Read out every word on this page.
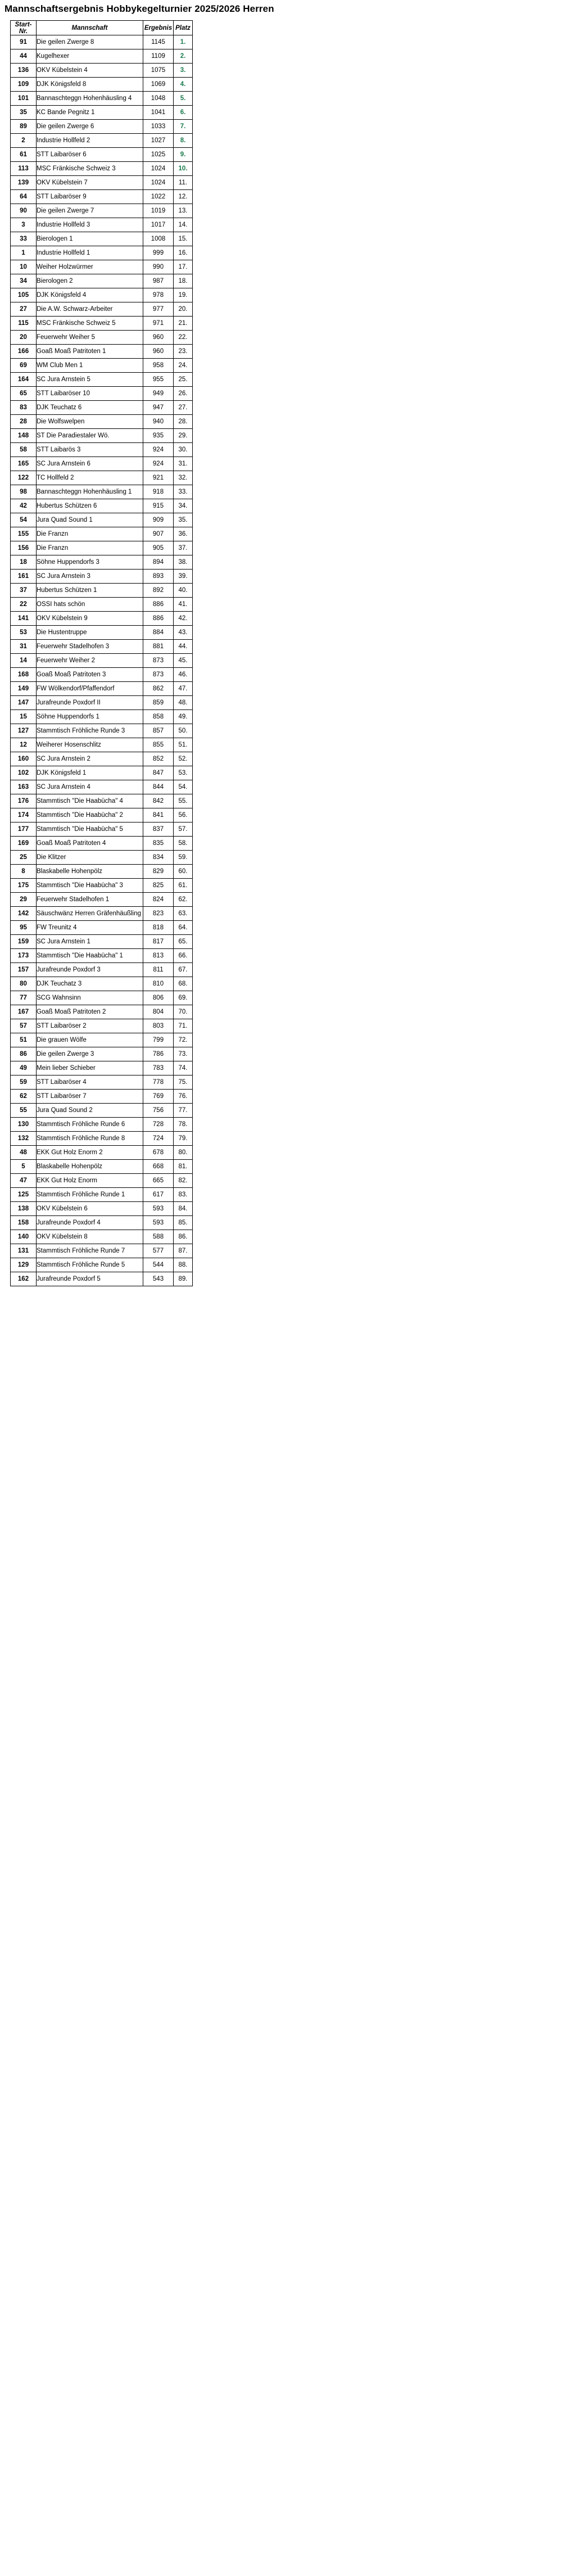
Mannschaftsergebnis Hobbykegelturnier 2025/2026 Herren
Start-Nr.	Mannschaft	Ergebnis	Platz
91	Die geilen Zwerge 8	1145	1.
44	Kugelhexer	1109	2.
136	OKV Kübelstein 4	1075	3.
109	DJK Königsfeld 8	1069	4.
101	Bannaschteggn Hohenhäusling 4	1048	5.
35	KC Bande Pegnitz 1	1041	6.
89	Die geilen Zwerge 6	1033	7.
2	Industrie Hollfeld 2	1027	8.
61	STT Laibaröser 6	1025	9.
113	MSC Fränkische Schweiz 3	1024	10.
139	OKV Kübelstein 7	1024	11.
64	STT Laibaröser 9	1022	12.
90	Die geilen Zwerge 7	1019	13.
3	Industrie Hollfeld 3	1017	14.
33	Bierologen 1	1008	15.
1	Industrie Hollfeld 1	999	16.
10	Weiher Holzwürmer	990	17.
34	Bierologen 2	987	18.
105	DJK Königsfeld 4	978	19.
27	Die A.W. Schwarz-Arbeiter	977	20.
115	MSC Fränkische Schweiz 5	971	21.
20	Feuerwehr Weiher 5	960	22.
166	Goaß Moaß Patritoten 1	960	23.
69	WM Club Men 1	958	24.
164	SC Jura Arnstein 5	955	25.
65	STT Laibaröser 10	949	26.
83	DJK Teuchatz 6	947	27.
28	Die Wolfswelpen	940	28.
148	ST Die Paradiestaler Wö.	935	29.
58	STT Laibarös 3	924	30.
165	SC Jura Arnstein 6	924	31.
122	TC Hollfeld 2	921	32.
98	Bannaschteggn Hohenhäusling 1	918	33.
42	Hubertus Schützen 6	915	34.
54	Jura Quad Sound 1	909	35.
155	Die Franzn	907	36.
156	Die Franzn	905	37.
18	Söhne Huppendorfs 3	894	38.
161	SC Jura Arnstein 3	893	39.
37	Hubertus Schützen 1	892	40.
22	OSSI hats schön	886	41.
141	OKV Kübelstein 9	886	42.
53	Die Hustentruppe	884	43.
31	Feuerwehr Stadelhofen 3	881	44.
14	Feuerwehr Weiher 2	873	45.
168	Goaß Moaß Patritoten 3	873	46.
149	FW Wölkendorf/Pfaffendorf	862	47.
147	Jurafreunde Poxdorf II	859	48.
15	Söhne Huppendorfs 1	858	49.
127	Stammtisch Fröhliche Runde 3	857	50.
12	Weiherer Hosenschlitz	855	51.
160	SC Jura Arnstein 2	852	52.
102	DJK Königsfeld 1	847	53.
163	SC Jura Arnstein 4	844	54.
176	Stammtisch "Die Haabücha" 4	842	55.
174	Stammtisch "Die Haabücha" 2	841	56.
177	Stammtisch "Die Haabücha" 5	837	57.
169	Goaß Moaß Patritoten 4	835	58.
25	Die Klitzer	834	59.
8	Blaskabelle Hohenpölz	829	60.
175	Stammtisch "Die Haabücha" 3	825	61.
29	Feuerwehr Stadelhofen 1	824	62.
142	Säuschwänz Herren Gräfenhäußling	823	63.
95	FW Treunitz 4	818	64.
159	SC Jura Arnstein 1	817	65.
173	Stammtisch "Die Haabücha" 1	813	66.
157	Jurafreunde Poxdorf 3	811	67.
80	DJK Teuchatz 3	810	68.
77	SCG Wahnsinn	806	69.
167	Goaß Moaß Patritoten 2	804	70.
57	STT Laibaröser 2	803	71.
51	Die grauen Wölfe	799	72.
86	Die geilen Zwerge 3	786	73.
49	Mein lieber Schieber	783	74.
59	STT Laibaröser 4	778	75.
62	STT Laibaröser 7	769	76.
55	Jura Quad Sound 2	756	77.
130	Stammtisch Fröhliche Runde 6	728	78.
132	Stammtisch Fröhliche Runde 8	724	79.
48	EKK Gut Holz Enorm 2	678	80.
5	Blaskabelle Hohenpölz	668	81.
47	EKK Gut Holz Enorm	665	82.
125	Stammtisch Fröhliche Runde 1	617	83.
138	OKV Kübelstein 6	593	84.
158	Jurafreunde Poxdorf 4	593	85.
140	OKV Kübelstein 8	588	86.
131	Stammtisch Fröhliche Runde 7	577	87.
129	Stammtisch Fröhliche Runde 5	544	88.
162	Jurafreunde Poxdorf 5	543	89.
